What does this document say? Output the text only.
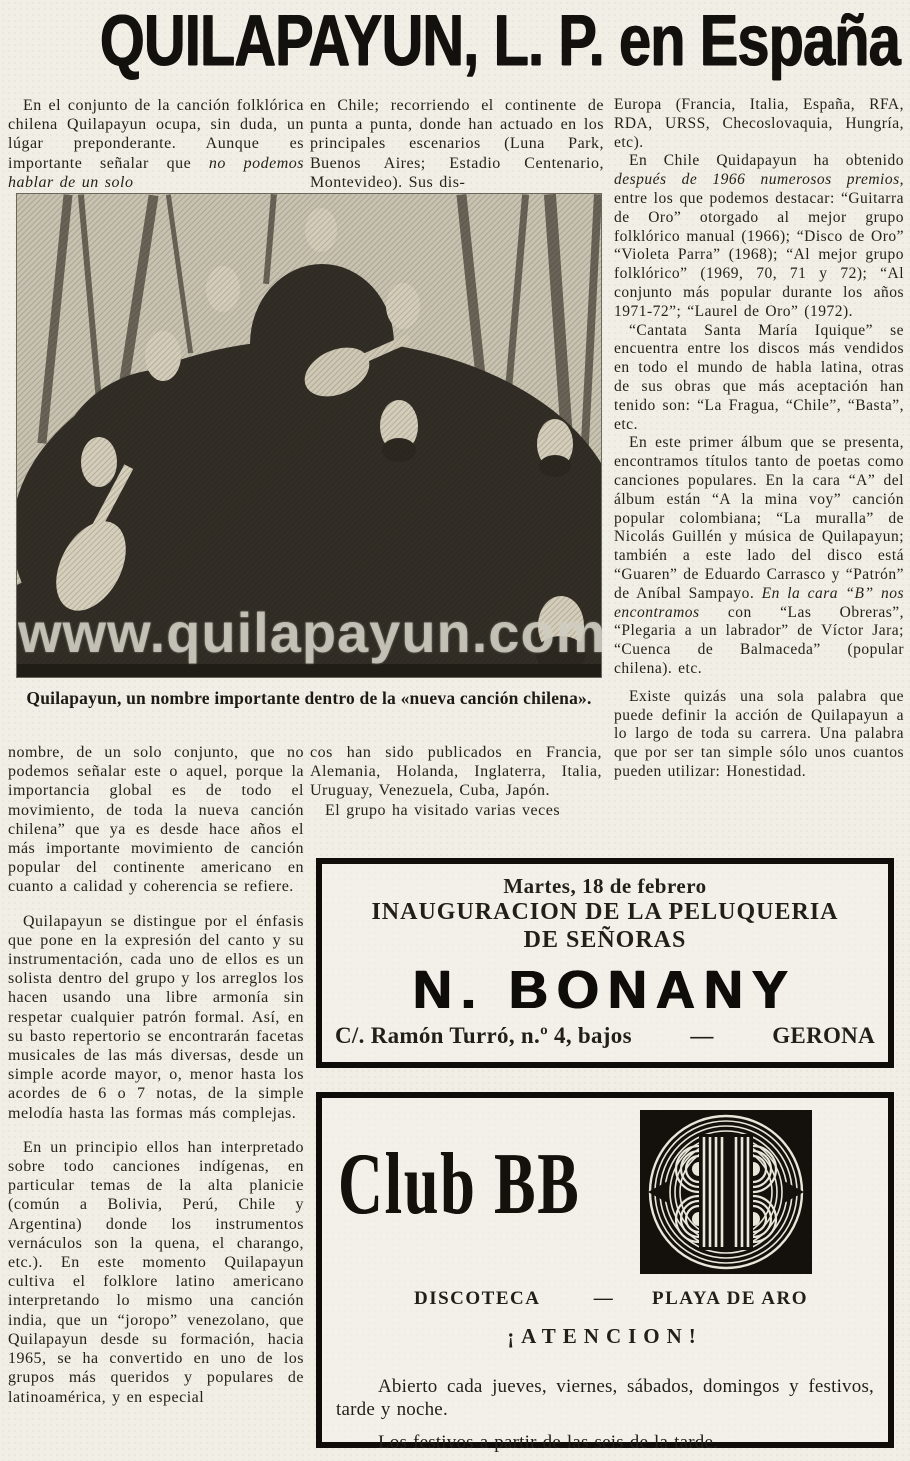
QUILAPAYUN, L. P. en España

En el conjunto de la canción folklórica chilena Quilapayun ocupa, sin duda, un lúgar preponderante. Aunque es importante señalar que no podemos hablar de un solo

en Chile; recorriendo el continente de punta a punta, donde han actuado en los principales escenarios (Luna Park, Buenos Aires; Estadio Centenario, Montevideo). Sus dis-

Europa (Francia, Italia, España, RFA, RDA, URSS, Checoslovaquia, Hungría, etc).

En Chile Quidapayun ha obtenido después de 1966 numerosos premios, entre los que podemos destacar: “Guitarra de Oro” otorgado al mejor grupo folklórico manual (1966); “Disco de Oro” “Violeta Parra” (1968); “Al mejor grupo folklórico” (1969, 70, 71 y 72); “Al conjunto más popular durante los años 1971-72”; “Laurel de Oro” (1972).

“Cantata Santa María Iquique” se encuentra entre los discos más vendidos en todo el mundo de habla latina, otras de sus obras que más aceptación han tenido son: “La Fragua, “Chile”, “Basta”, etc.

En este primer álbum que se presenta, encontramos títulos tanto de poetas como canciones populares. En la cara “A” del álbum están “A la mina voy” canción popular colombiana; “La muralla” de Nicolás Guillén y música de Quilapayun; también a este lado del disco está “Guaren” de Eduardo Carrasco y “Patrón” de Aníbal Sampayo. En la cara “B” nos encontramos con “Las Obreras”, “Plegaria a un labrador” de Víctor Jara; “Cuenca de Balmaceda” (popular chilena). etc.

Existe quizás una sola palabra que puede definir la acción de Quilapayun a lo largo de toda su carrera. Una palabra que por ser tan simple sólo unos cuantos pueden utilizar: Honestidad.

www.quilapayun.com
Quilapayun, un nombre importante dentro de la «nueva canción chilena».

nombre, de un solo conjunto, que no podemos señalar este o aquel, porque la importancia global es de todo el movimiento, de toda la nueva canción chilena” que ya es desde hace años el más importante movimiento de canción popular del continente americano en cuanto a calidad y coherencia se refiere.

Quilapayun se distingue por el énfasis que pone en la expresión del canto y su instrumentación, cada uno de ellos es un solista dentro del grupo y los arreglos los hacen usando una libre armonía sin respetar cualquier patrón formal. Así, en su basto repertorio se encontrarán facetas musicales de las más diversas, desde un simple acorde mayor, o, menor hasta los acordes de 6 o 7 notas, de la simple melodía hasta las formas más complejas.

En un principio ellos han interpretado sobre todo canciones indígenas, en particular temas de la alta planicie (común a Bolivia, Perú, Chile y Argentina) donde los instrumentos vernáculos son la quena, el charango, etc.). En este momento Quilapayun cultiva el folklore latino americano interpretando lo mismo una canción india, que un “joropo” venezolano, que Quilapayun desde su formación, hacia 1965, se ha convertido en uno de los grupos más queridos y populares de latinoamérica, y en especial

cos han sido publicados en Francia, Alemania, Holanda, Inglaterra, Italia, Uruguay, Venezuela, Cuba, Japón.

El grupo ha visitado varias veces

Martes, 18 de febrero
INAUGURACION DE LA PELUQUERIA
DE SEÑORAS
N. BONANY
C/. Ramón Turró, n.º 4, bajos	—	GERONA
Club BB
DISCOTECA	—	PLAYA DE ARO
¡ATENCION!

Abierto cada jueves, viernes, sábados, domingos y festivos, tarde y noche.

Los festivos a partir de las seis de la tarde.
